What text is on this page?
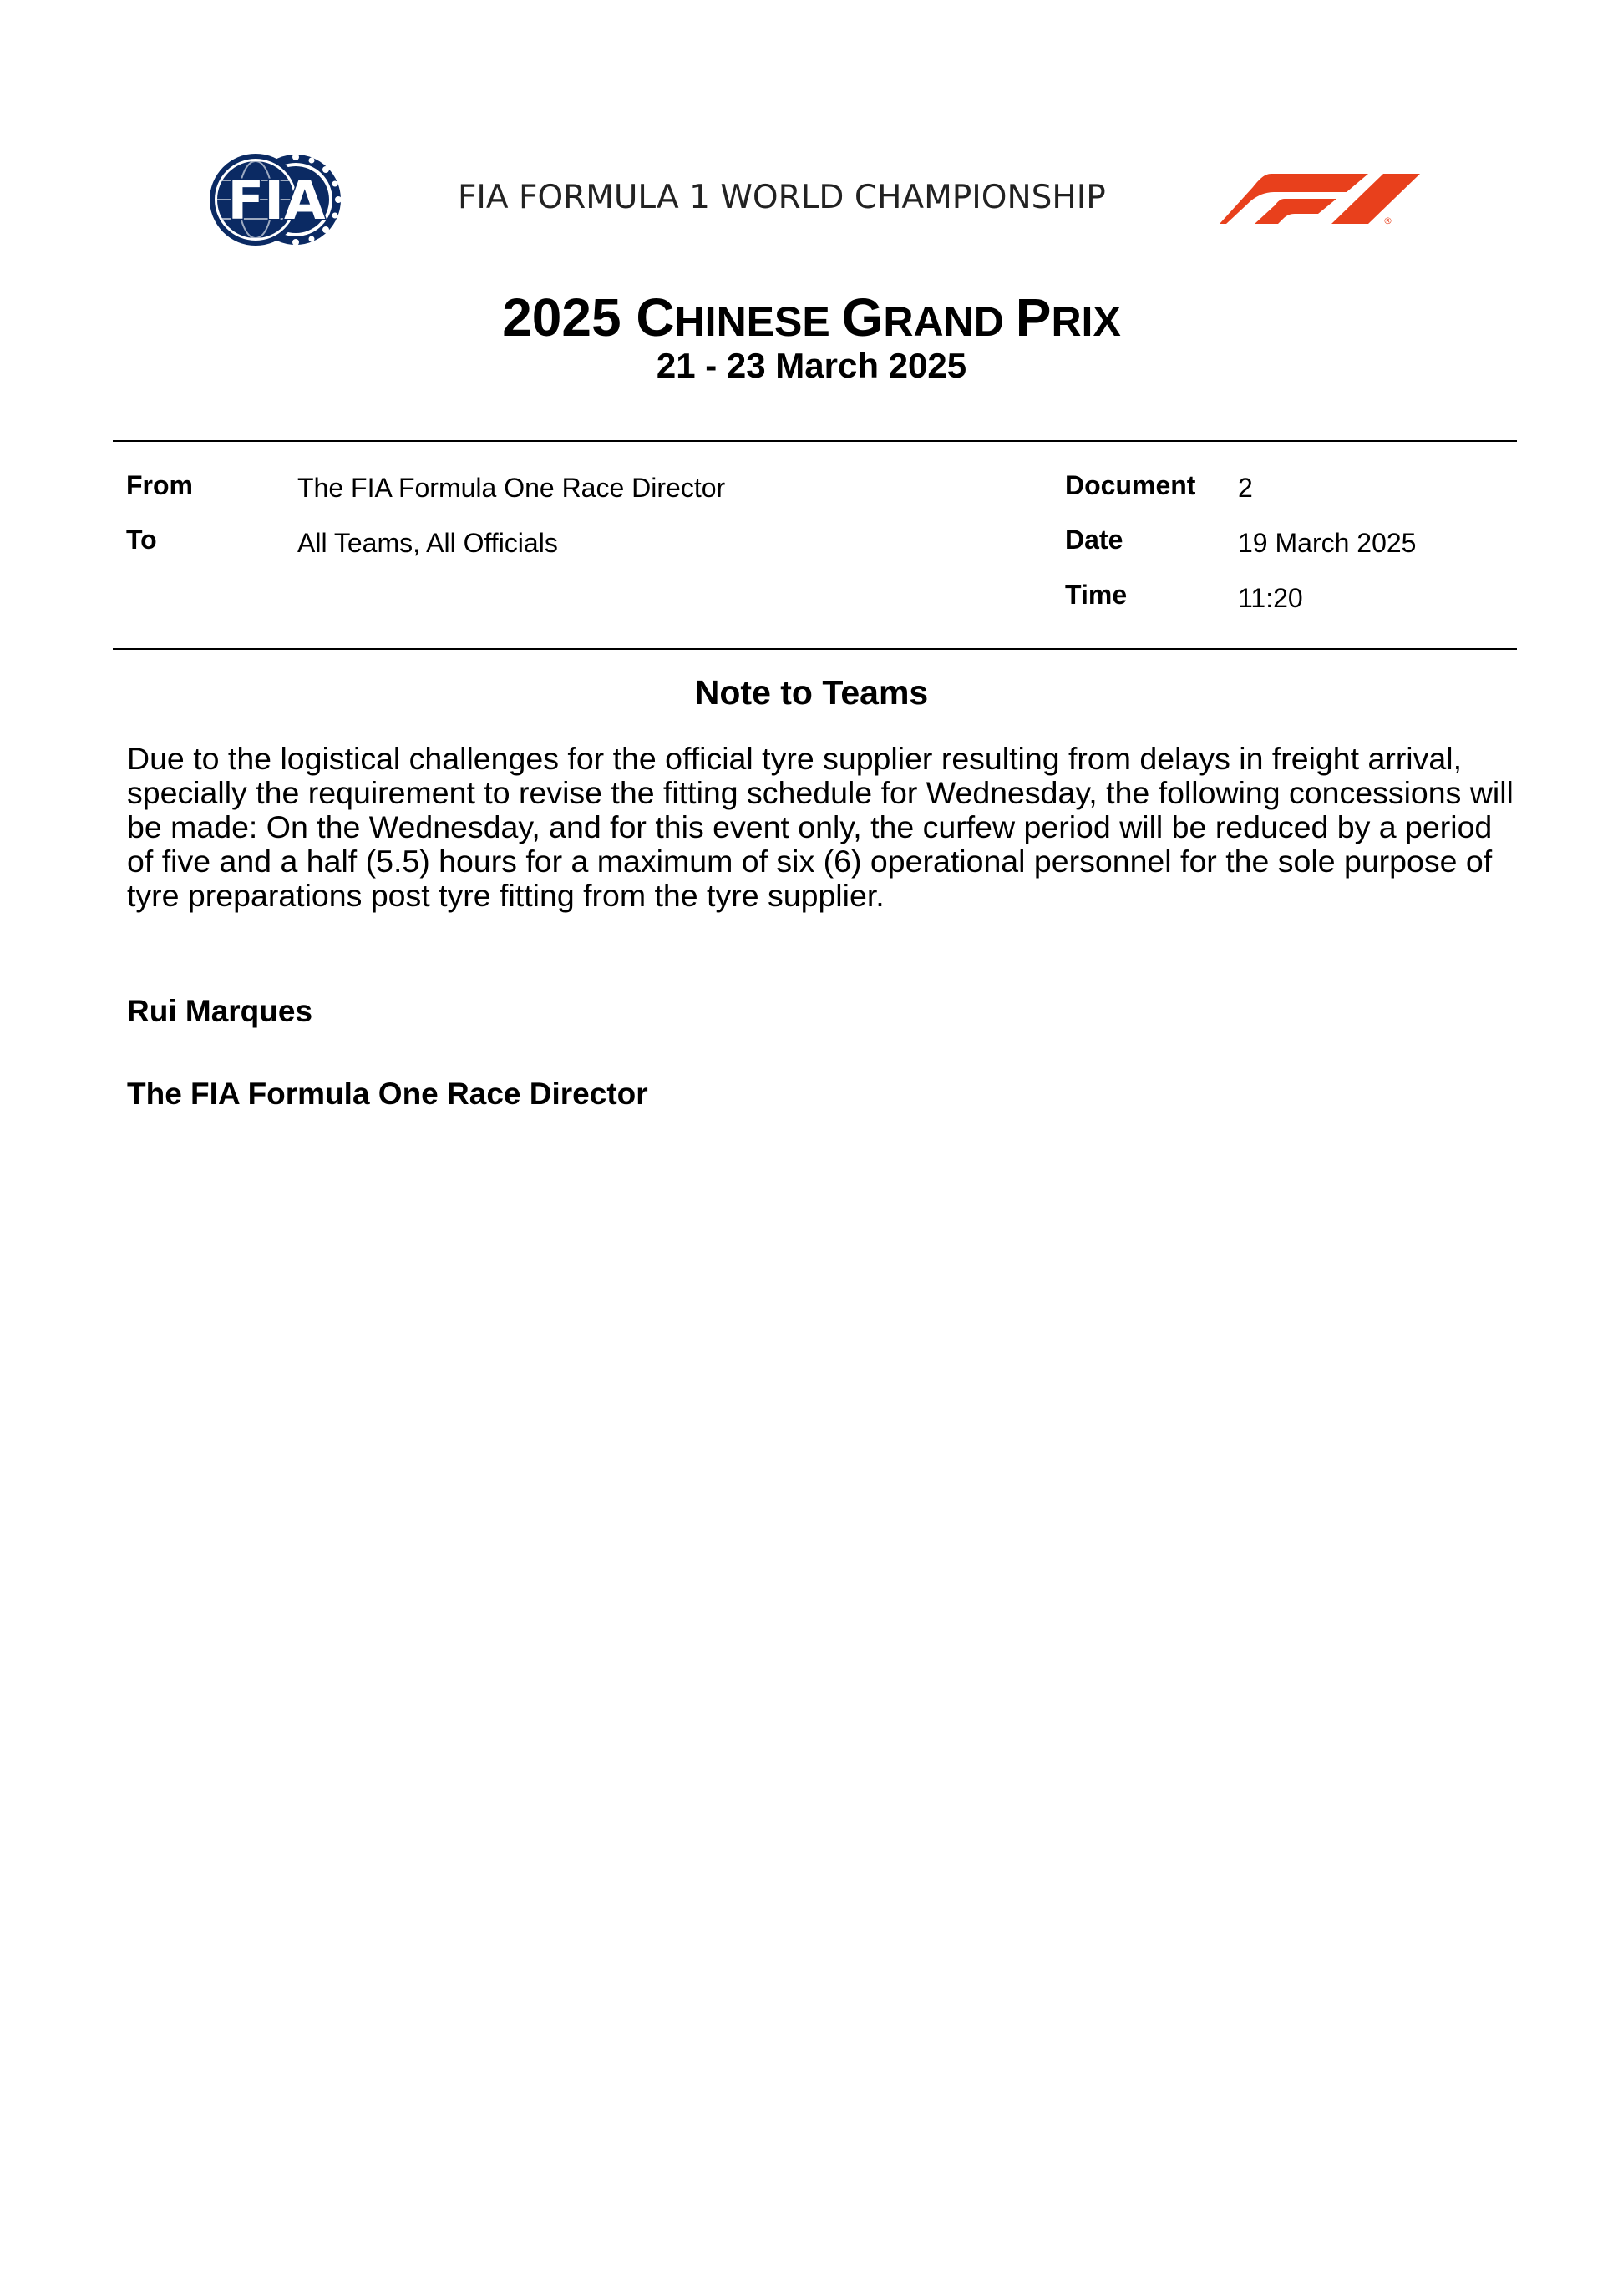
FIA	FIA FORMULA 1 WORLD CHAMPIONSHIP
®
2025 CHINESE GRAND PRIX
21 - 23 March 2025
From	The FIA Formula One Race Director
To	All Teams, All Officials
Document 2
Date	19 March 2025
Time	11:20
Note to Teams
Due to the logistical challenges for the official tyre supplier resulting from delays in freight arrival,
specially the requirement to revise the fitting schedule for Wednesday, the following concessions will
be made: On the Wednesday, and for this event only, the curfew period will be reduced by a period
of five and a half (5.5) hours for a maximum of six (6) operational personnel for the sole purpose of
tyre preparations post tyre fitting from the tyre supplier.
Rui Marques
The FIA Formula One Race Director
